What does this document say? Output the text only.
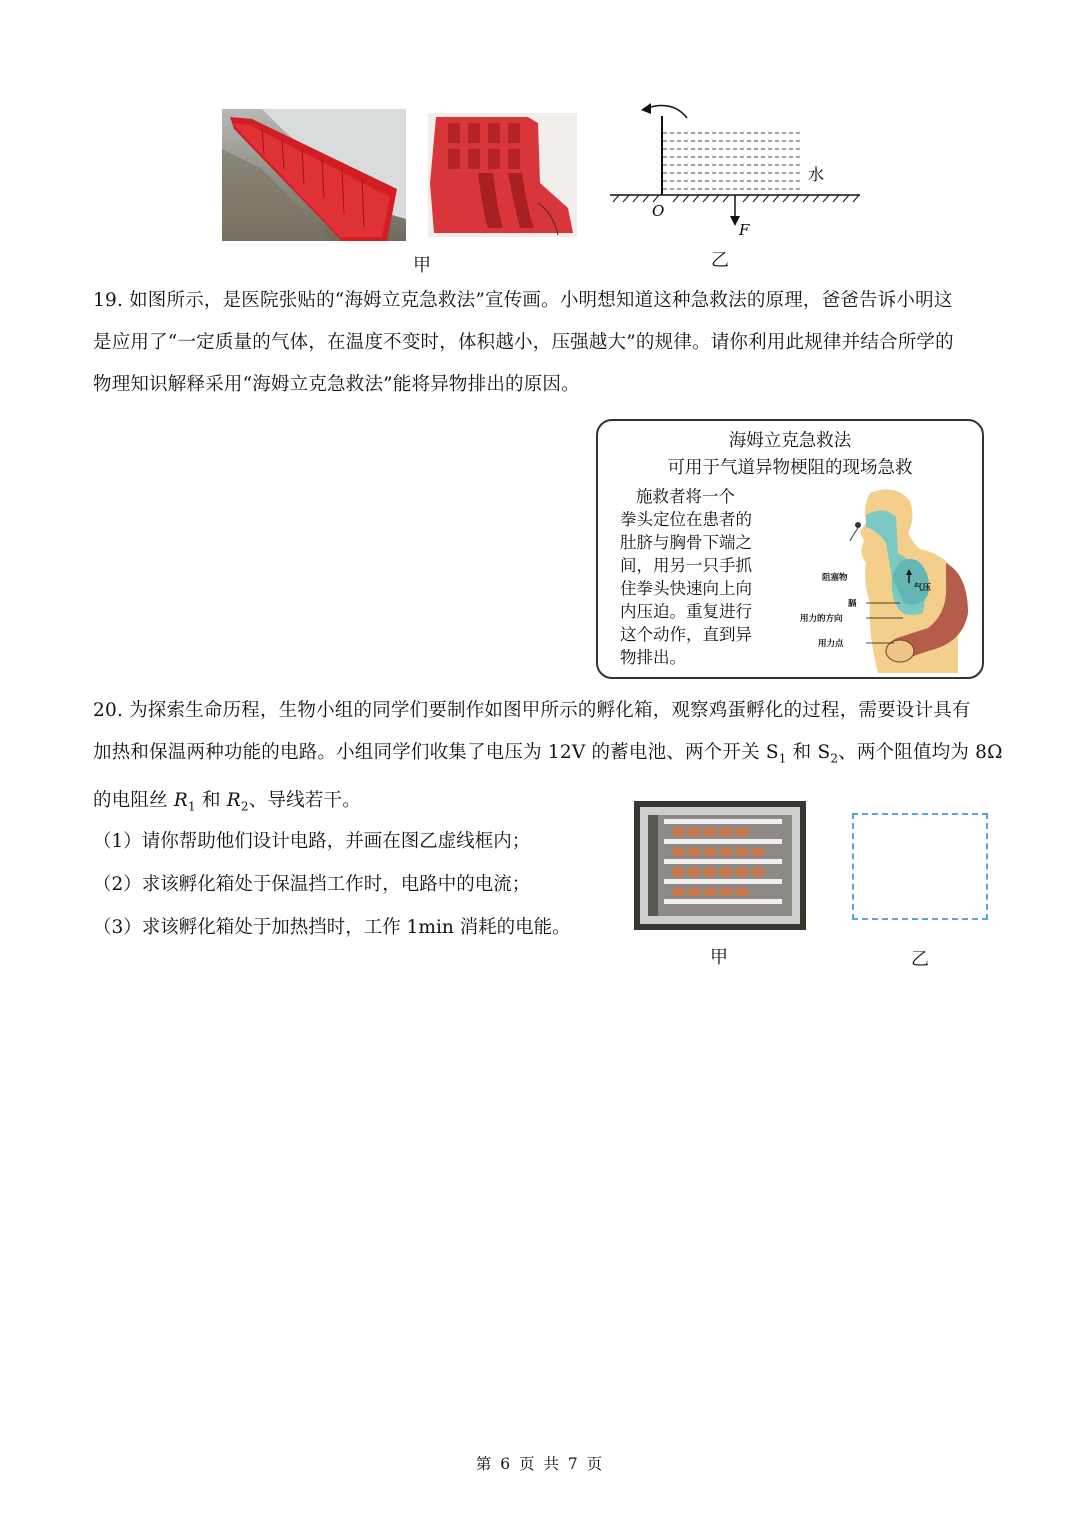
水
O
F
甲	乙
19. 如图所示，是医院张贴的“海姆立克急救法”宣传画。小明想知道这种急救法的原理，爸爸告诉小明这
是应用了“一定质量的气体，在温度不变时，体积越小，压强越大”的规律。请你利用此规律并结合所学的
物理知识解释采用“海姆立克急救法”能将异物排出的原因。
海姆立克急救法
可用于气道异物梗阻的现场急救
施救者将一个
拳头定位在患者的
肚脐与胸骨下端之
间，用另一只手抓
住拳头快速向上向
内压迫。重复进行
这个动作，直到异
物排出。
阻塞物
气压
膈
用力的方向
用力点
20. 为探索生命历程，生物小组的同学们要制作如图甲所示的孵化箱，观察鸡蛋孵化的过程，需要设计具有
加热和保温两种功能的电路。小组同学们收集了电压为 12V 的蓄电池、两个开关 $S_1$ 和 $S_2$、两个阻值均为 8Ω
的电阻丝 $R_1$ 和 $R_2$、导线若干。
（1）请你帮助他们设计电路，并画在图乙虚线框内；
（2）求该孵化箱处于保温挡工作时，电路中的电流；
（3）求该孵化箱处于加热挡时，工作 1min 消耗的电能。
甲	乙
第 6 页 共 7 页
